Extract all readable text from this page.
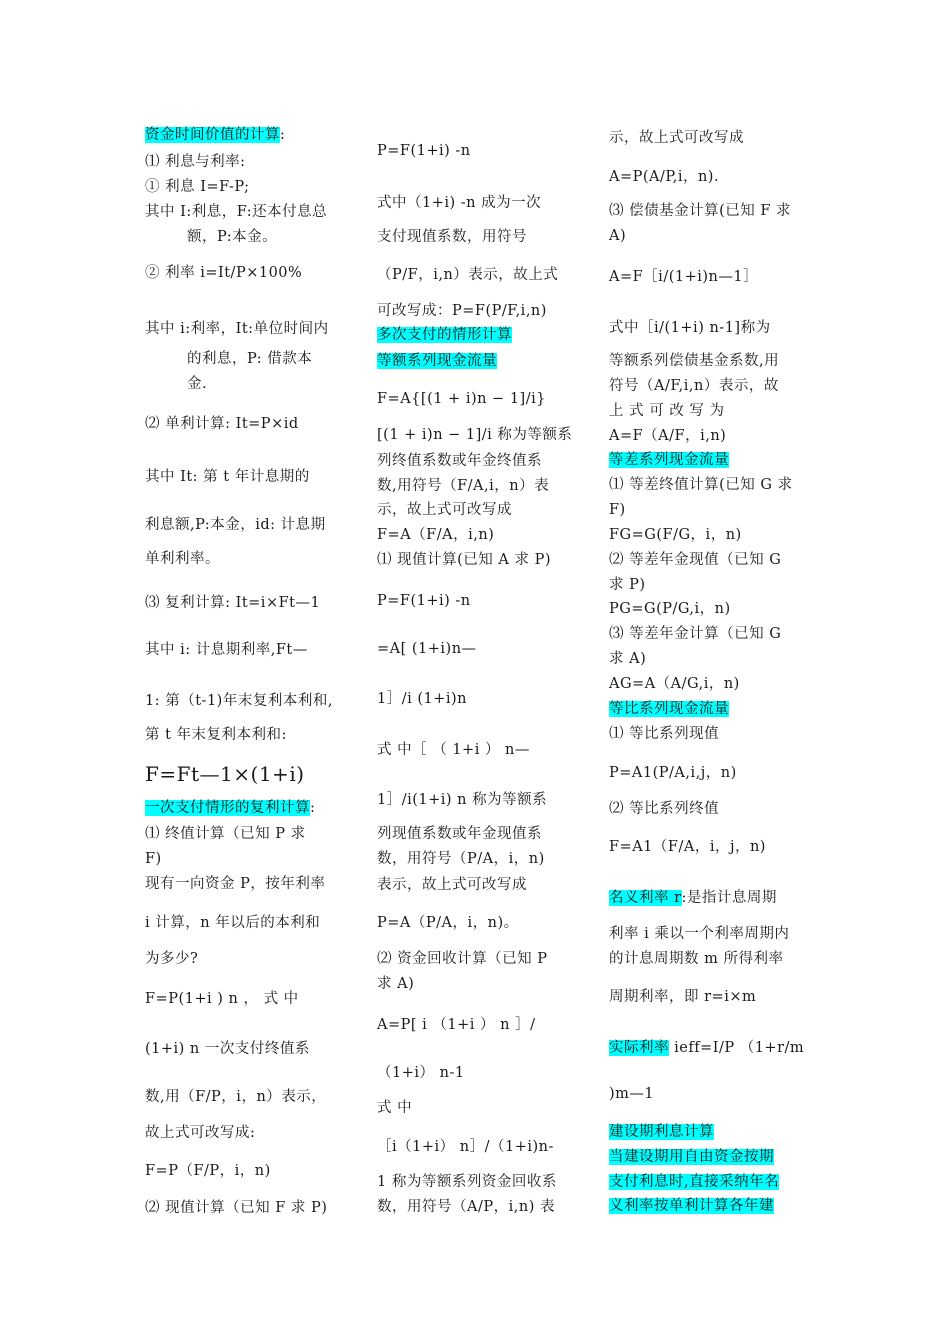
资金时间价值的计算:
⑴ 利息与利率:
① 利息 I=F-P;
其中 I:利息，F:还本付息总
额，P:本金。
② 利率 i=It/P×100%
其中 i:利率，It:单位时间内
的利息，P: 借款本
金.
⑵ 单利计算: It=P×id
其中 It: 第 t 年计息期的
利息额,P:本金，id: 计息期
单利利率。
⑶ 复利计算: It=i×Ft—1
其中 i: 计息期利率,Ft—
1: 第（t-1)年末复利本利和,
第 t 年末复利本利和:
F=Ft—1×(1+i)
一次支付情形的复利计算:
⑴ 终值计算（已知 P 求
F)
现有一向资金 P，按年利率
i 计算，n 年以后的本利和
为多少?
F=P(1+i ) n ， 式 中
(1+i) n 一次支付终值系
数,用（F/P，i，n）表示，
故上式可改写成:
F=P（F/P，i，n)
⑵ 现值计算（已知 F 求 P)
P=F(1+i) -n
式中（1+i) -n 成为一次
支付现值系数，用符号
（P/F，i,n）表示，故上式
可改写成：P=F(P/F,i,n)
多次支付的情形计算
等额系列现金流量
F=A{[(1 + i)n − 1]/i}
[(1 + i)n − 1]/i 称为等额系
列终值系数或年金终值系
数,用符号（F/A,i，n）表
示，故上式可改写成
F=A（F/A，i,n)
⑴ 现值计算(已知 A 求 P)
P=F(1+i) -n
=A[ (1+i)n—
1］/i (1+i)n
式 中［ （ 1+i ） n—
1］/i(1+i) n 称为等额系
列现值系数或年金现值系
数，用符号（P/A，i，n)
表示，故上式可改写成
P=A（P/A，i，n)。
⑵ 资金回收计算（已知 P
求 A)
A=P[ i （1+i ） n ］/
（1+i） n-1
式 中
［i（1+i） n］/（1+i)n-
1 称为等额系列资金回收系
数，用符号（A/P，i,n) 表
示，故上式可改写成
A=P(A/P,i，n).
⑶ 偿债基金计算(已知 F 求
A)
A=F［i/(1+i)n—1］
式中［i/(1+i) n-1]称为
等额系列偿债基金系数,用
符号（A/F,i,n）表示，故
上 式 可 改 写 为
A=F（A/F，i,n)
等差系列现金流量
⑴ 等差终值计算(已知 G 求
F)
FG=G(F/G，i，n)
⑵ 等差年金现值（已知 G
求 P)
PG=G(P/G,i，n)
⑶ 等差年金计算（已知 G
求 A)
AG=A（A/G,i，n)
等比系列现金流量
⑴ 等比系列现值
P=A1(P/A,i,j，n)
⑵ 等比系列终值
F=A1（F/A，i，j，n)
名义利率 r:是指计息周期
利率 i 乘以一个利率周期内
的计息周期数 m 所得利率
周期利率，即 r=i×m
实际利率 ieff=I/P （1+r/m
)m—1
建设期利息计算
当建设期用自由资金按期
支付利息时,直接采纳年名
义利率按单利计算各年建
